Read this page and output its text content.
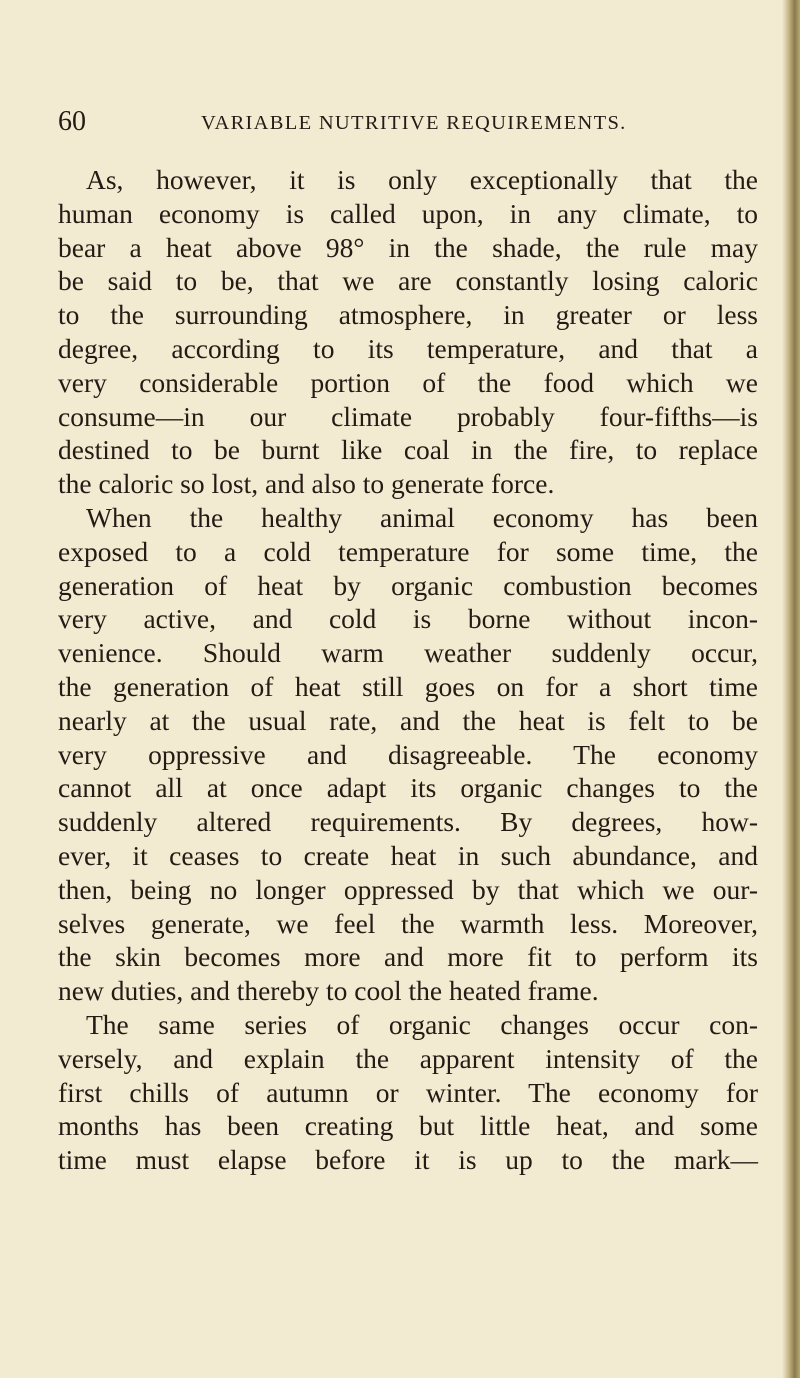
60	VARIABLE NUTRITIVE REQUIREMENTS.
As, however, it is only exceptionally that the
human economy is called upon, in any climate, to
bear a heat above 98° in the shade, the rule may
be said to be, that we are constantly losing caloric
to the surrounding atmosphere, in greater or less
degree, according to its temperature, and that a
very considerable portion of the food which we
consume—in our climate probably four-fifths—is
destined to be burnt like coal in the fire, to replace
the caloric so lost, and also to generate force.
When the healthy animal economy has been
exposed to a cold temperature for some time, the
generation of heat by organic combustion becomes
very active, and cold is borne without incon-
venience. Should warm weather suddenly occur,
the generation of heat still goes on for a short time
nearly at the usual rate, and the heat is felt to be
very oppressive and disagreeable. The economy
cannot all at once adapt its organic changes to the
suddenly altered requirements. By degrees, how-
ever, it ceases to create heat in such abundance, and
then, being no longer oppressed by that which we our-
selves generate, we feel the warmth less. Moreover,
the skin becomes more and more fit to perform its
new duties, and thereby to cool the heated frame.
The same series of organic changes occur con-
versely, and explain the apparent intensity of the
first chills of autumn or winter. The economy for
months has been creating but little heat, and some
time must elapse before it is up to the mark—
